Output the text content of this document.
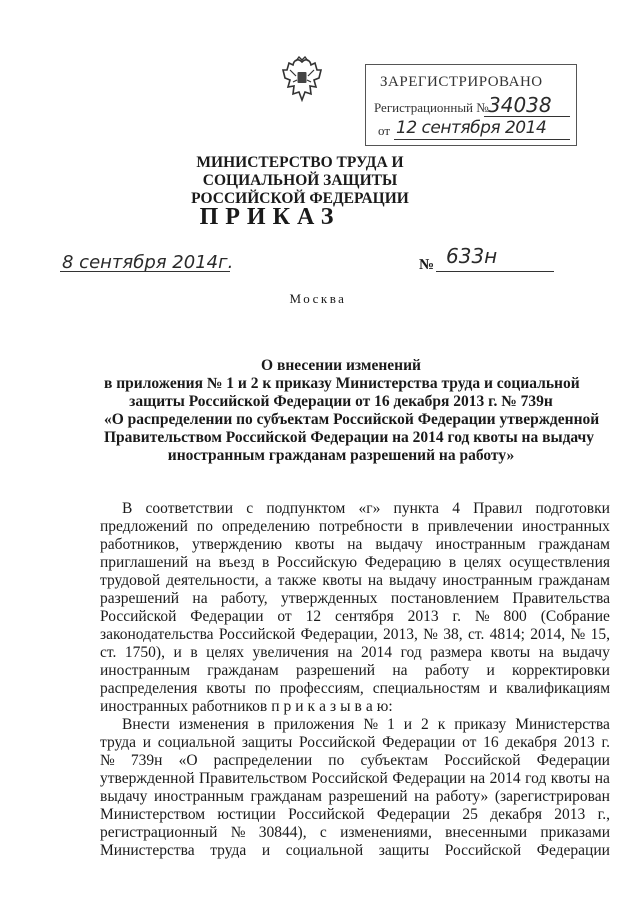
ЗАРЕГИСТРИРОВАНО
Регистрационный № 34038
от 12 сентября 2014
МИНИСТЕРСТВО ТРУДА И СОЦИАЛЬНОЙ ЗАЩИТЫ
РОССИЙСКОЙ ФЕДЕРАЦИИ
ПРИКАЗ
8 сентября 2014г.	№ 633н
Москва
О внесении изменений
в приложения № 1 и 2 к приказу Министерства труда и социальной
защиты Российской Федерации от 16 декабря 2013 г. № 739н
«О распределении по субъектам Российской Федерации утвержденной
Правительством Российской Федерации на 2014 год квоты на выдачу
иностранным гражданам разрешений на работу»
В соответствии с подпунктом «г» пункта 4 Правил подготовки
предложений по определению потребности в привлечении иностранных
работников, утверждению квоты на выдачу иностранным гражданам
приглашений на въезд в Российскую Федерацию в целях осуществления
трудовой деятельности, а также квоты на выдачу иностранным гражданам
разрешений на работу, утвержденных постановлением Правительства
Российской Федерации от 12 сентября 2013 г. № 800 (Собрание
законодательства Российской Федерации, 2013, № 38, ст. 4814; 2014, № 15,
ст. 1750), и в целях увеличения на 2014 год размера квоты на выдачу
иностранным гражданам разрешений на работу и корректировки
распределения квоты по профессиям, специальностям и квалификациям
иностранных работников п р и к а з ы в а ю:
Внести изменения в приложения № 1 и 2 к приказу Министерства
труда и социальной защиты Российской Федерации от 16 декабря 2013 г.
№ 739н «О распределении по субъектам Российской Федерации
утвержденной Правительством Российской Федерации на 2014 год квоты на
выдачу иностранным гражданам разрешений на работу» (зарегистрирован
Министерством юстиции Российской Федерации 25 декабря 2013 г.,
регистрационный № 30844), с изменениями, внесенными приказами
Министерства труда и социальной защиты Российской Федерации
